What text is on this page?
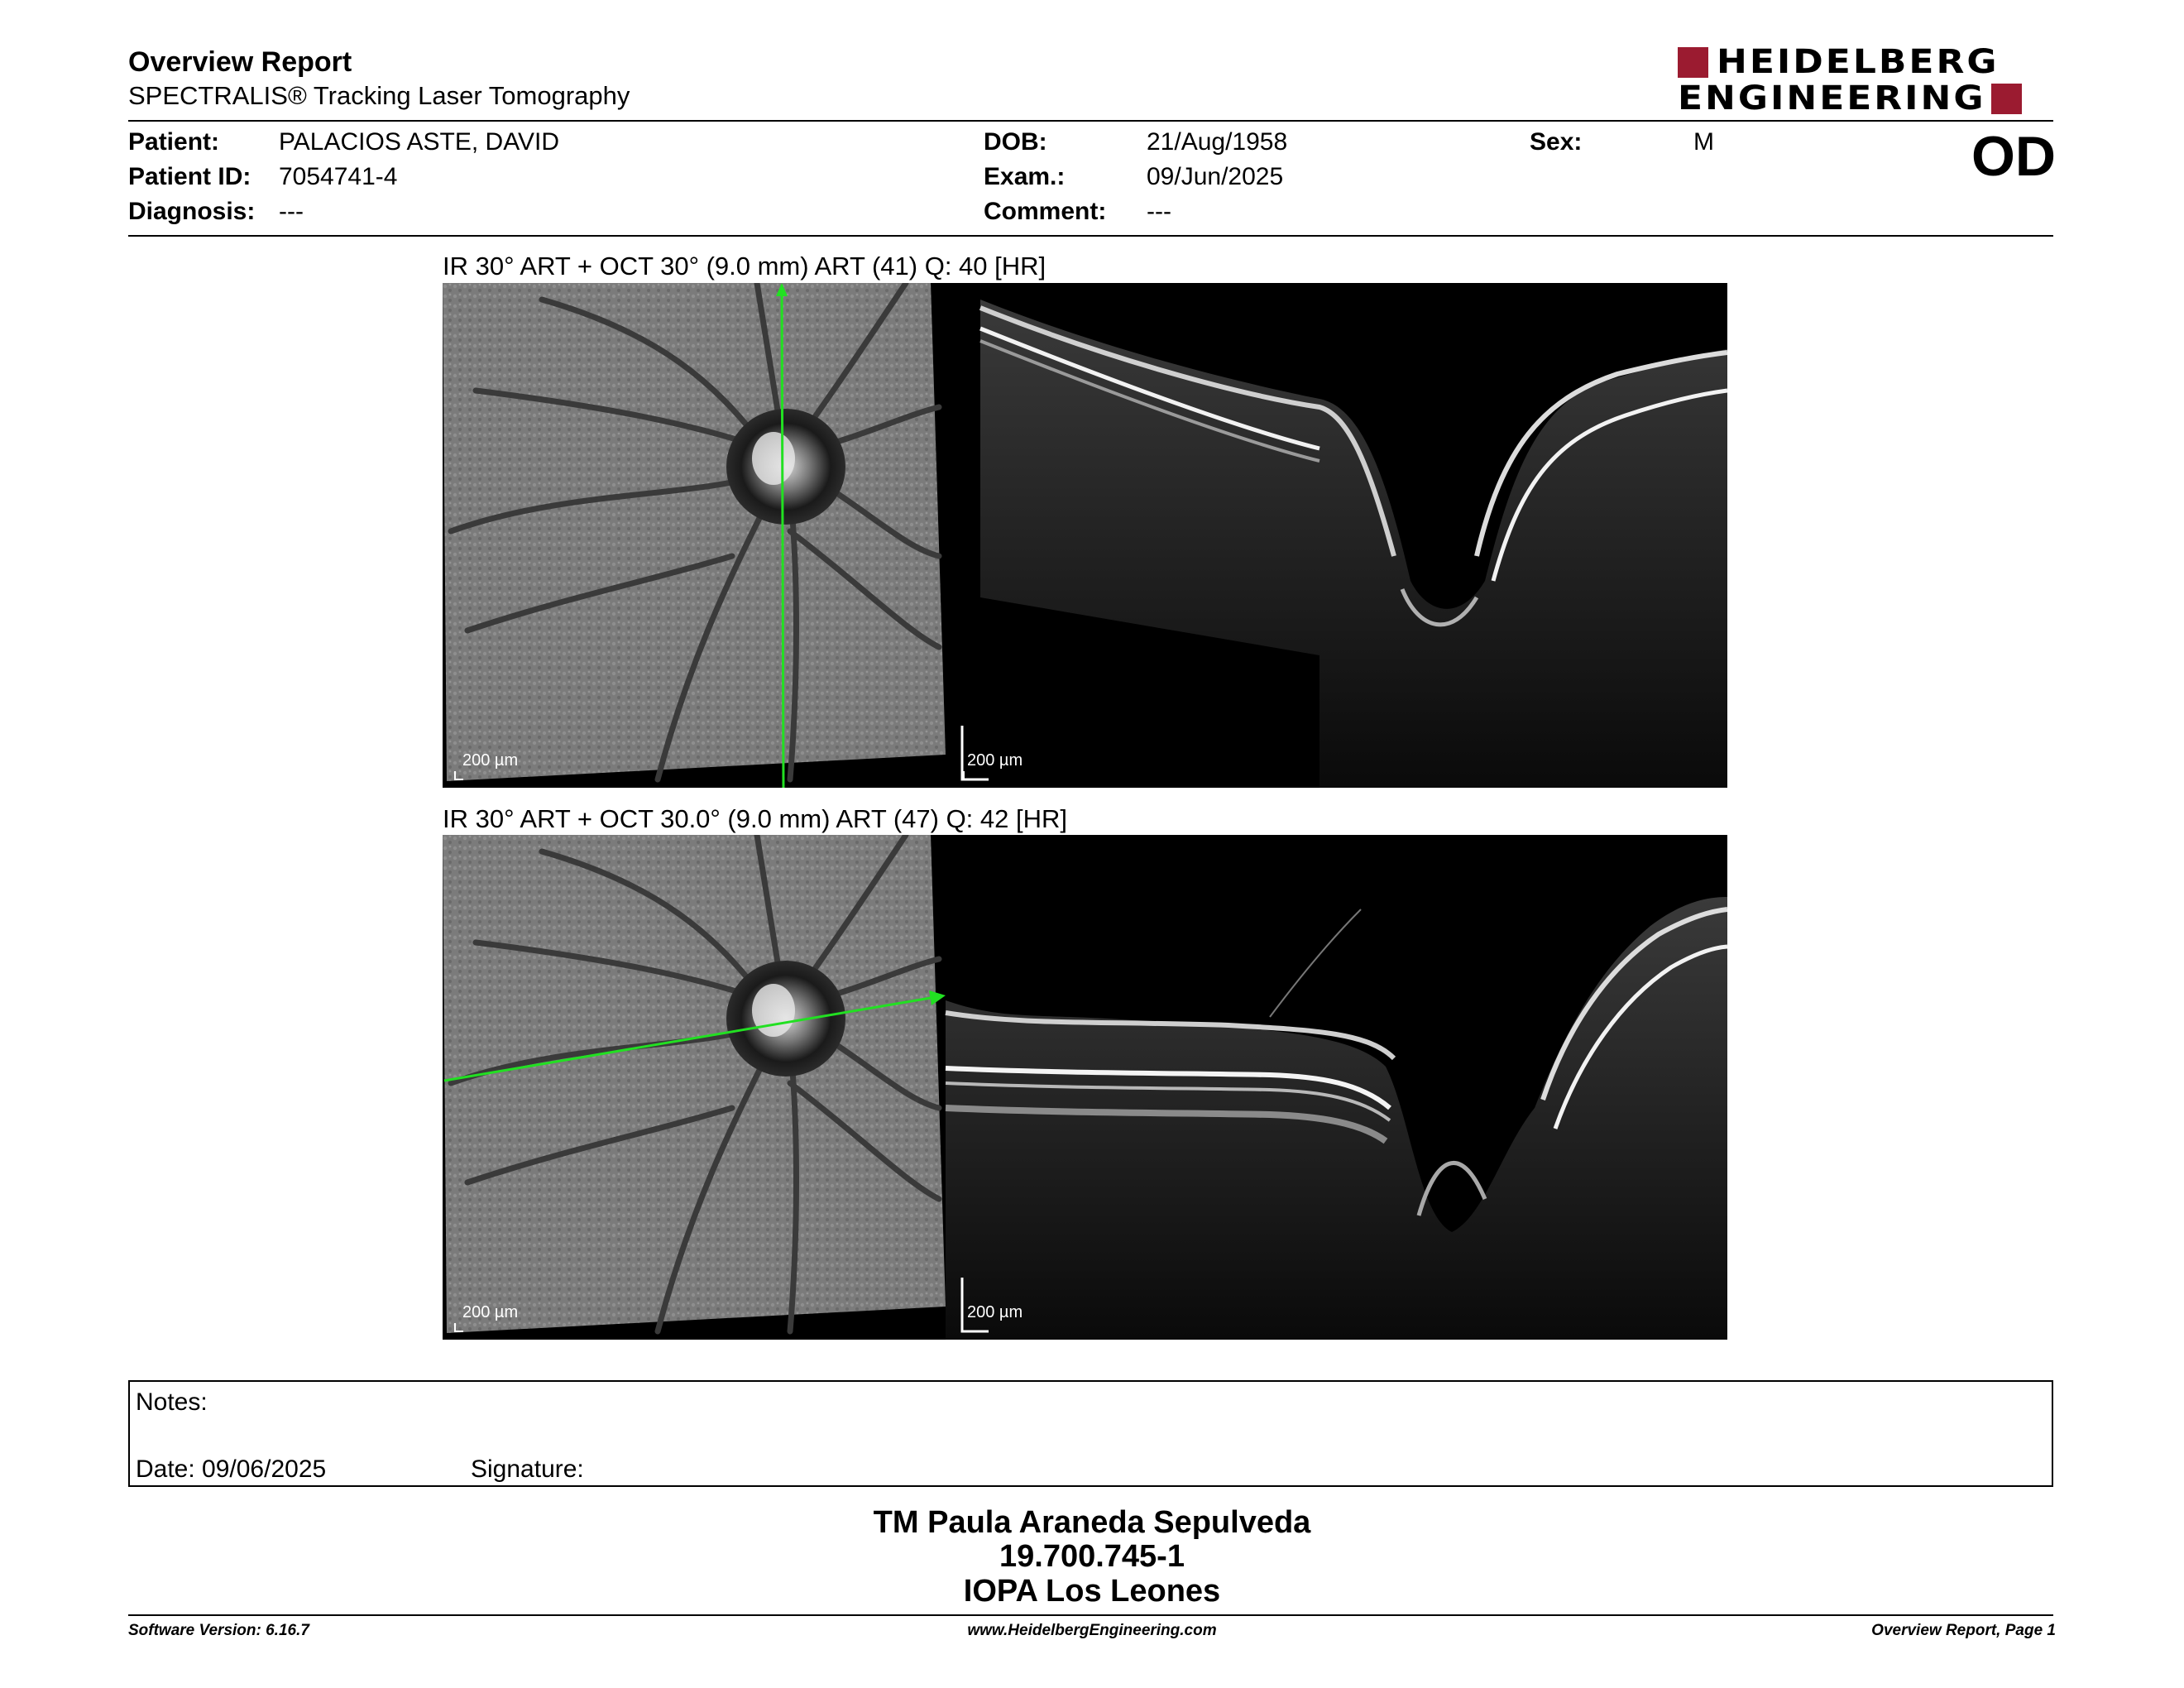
Overview Report
SPECTRALIS® Tracking Laser Tomography
HEIDELBERG
ENGINEERING
Patient: PALACIOS ASTE, DAVID
Patient ID: 7054741-4
Diagnosis: ---
DOB:	21/Aug/1958
Exam.:	09/Jun/2025
Comment: ---
Sex:	M	OD
IR 30° ART + OCT 30° (9.0 mm) ART (41) Q: 40 [HR]
200 µm	200 µm
IR 30° ART + OCT 30.0° (9.0 mm) ART (47) Q: 42 [HR]
200 µm	200 µm
Notes:
Date: 09/06/2025	Signature:
TM Paula Araneda Sepulveda
19.700.745-1
IOPA Los Leones
Software Version: 6.16.7	www.HeidelbergEngineering.com	Overview Report, Page 1
